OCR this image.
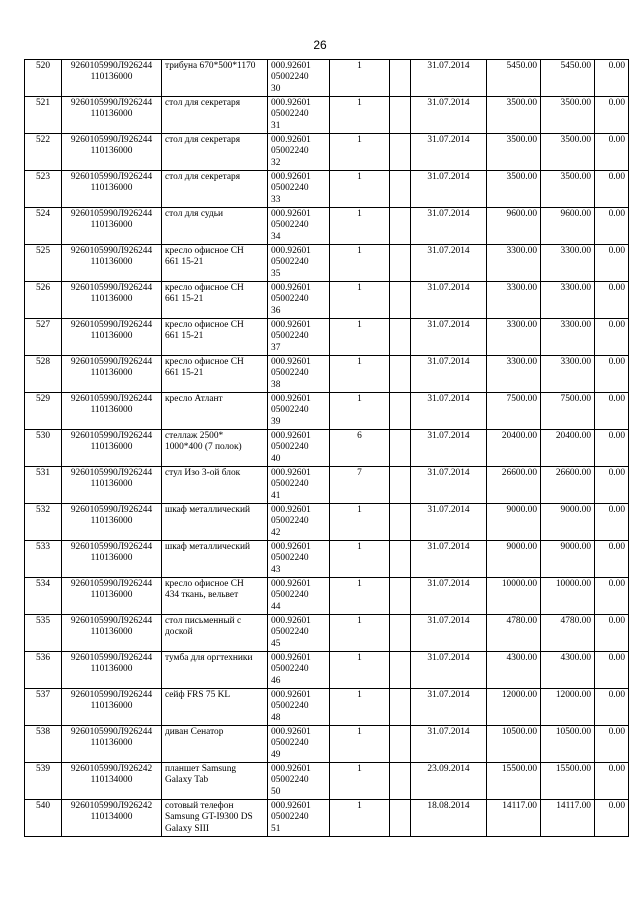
26
520	9260105990Л926244
110136000	трибуна 670*500*1170	000.92601
05002240
30	1		31.07.2014	5450.00	5450.00	0.00
521	9260105990Л926244
110136000	стол для секретаря	000.92601
05002240
31	1		31.07.2014	3500.00	3500.00	0.00
522	9260105990Л926244
110136000	стол для секретаря	000.92601
05002240
32	1		31.07.2014	3500.00	3500.00	0.00
523	9260105990Л926244
110136000	стол для секретаря	000.92601
05002240
33	1		31.07.2014	3500.00	3500.00	0.00
524	9260105990Л926244
110136000	стол для судьи	000.92601
05002240
34	1		31.07.2014	9600.00	9600.00	0.00
525	9260105990Л926244
110136000	кресло офисное СН
661 15-21	000.92601
05002240
35	1		31.07.2014	3300.00	3300.00	0.00
526	9260105990Л926244
110136000	кресло офисное СН
661 15-21	000.92601
05002240
36	1		31.07.2014	3300.00	3300.00	0.00
527	9260105990Л926244
110136000	кресло офисное СН
661 15-21	000.92601
05002240
37	1		31.07.2014	3300.00	3300.00	0.00
528	9260105990Л926244
110136000	кресло офисное СН
661 15-21	000.92601
05002240
38	1		31.07.2014	3300.00	3300.00	0.00
529	9260105990Л926244
110136000	кресло Атлант	000.92601
05002240
39	1		31.07.2014	7500.00	7500.00	0.00
530	9260105990Л926244
110136000	стеллаж 2500*
1000*400 (7 полок)	000.92601
05002240
40	6		31.07.2014	20400.00	20400.00	0.00
531	9260105990Л926244
110136000	стул Изо 3-ой блок	000.92601
05002240
41	7		31.07.2014	26600.00	26600.00	0.00
532	9260105990Л926244
110136000	шкаф металлический	000.92601
05002240
42	1		31.07.2014	9000.00	9000.00	0.00
533	9260105990Л926244
110136000	шкаф металлический	000.92601
05002240
43	1		31.07.2014	9000.00	9000.00	0.00
534	9260105990Л926244
110136000	кресло офисное СН
434 ткань, вельвет	000.92601
05002240
44	1		31.07.2014	10000.00	10000.00	0.00
535	9260105990Л926244
110136000	стол письменный с
доской	000.92601
05002240
45	1		31.07.2014	4780.00	4780.00	0.00
536	9260105990Л926244
110136000	тумба для оргтехники	000.92601
05002240
46	1		31.07.2014	4300.00	4300.00	0.00
537	9260105990Л926244
110136000	сейф FRS 75 KL	000.92601
05002240
48	1		31.07.2014	12000.00	12000.00	0.00
538	9260105990Л926244
110136000	диван Сенатор	000.92601
05002240
49	1		31.07.2014	10500.00	10500.00	0.00
539	9260105990Л926242
110134000	планшет Samsung
Galaxy Tab	000.92601
05002240
50	1		23.09.2014	15500.00	15500.00	0.00
540	9260105990Л926242
110134000	сотовый телефон
Samsung GT-I9300 DS
Galaxy SIII	000.92601
05002240
51	1		18.08.2014	14117.00	14117.00	0.00
